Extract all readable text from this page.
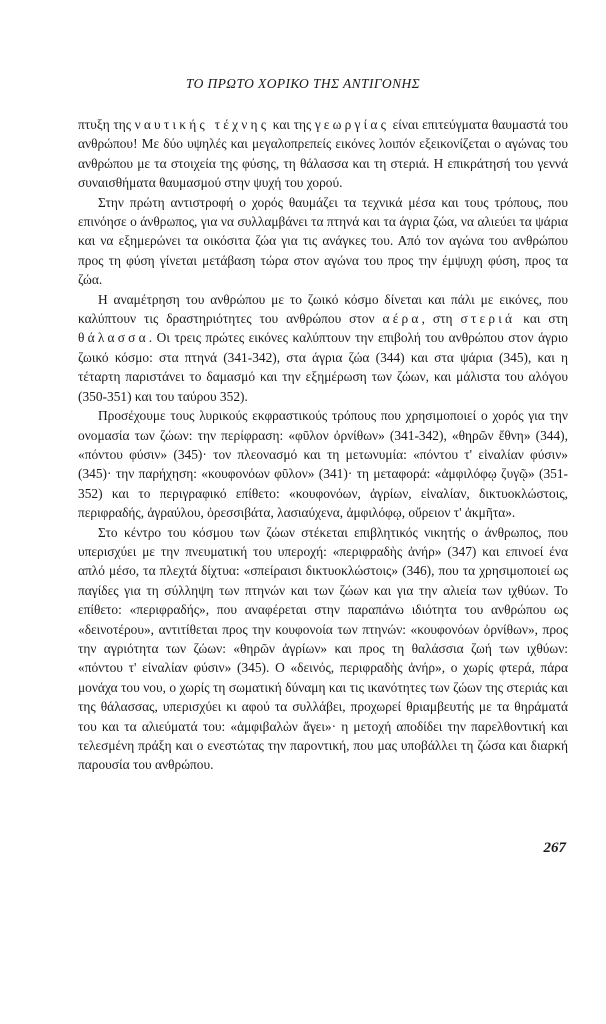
ΤΟ ΠΡΩΤΟ ΧΟΡΙΚΟ ΤΗΣ ΑΝΤΙΓΟΝΗΣ

πτυξη της ναυτικής τέχνης και της γεωργίας είναι επιτεύγματα θαυμαστά του ανθρώπου! Με δύο υψηλές και μεγαλοπρεπείς εικόνες λοιπόν εξεικονίζεται ο αγώνας του ανθρώπου με τα στοιχεία της φύσης, τη θάλασσα και τη στεριά. Η επικράτησή του γεννά συναισθήματα θαυμασμού στην ψυχή του χορού.

Στην πρώτη αντιστροφή ο χορός θαυμάζει τα τεχνικά μέσα και τους τρόπους, που επινόησε ο άνθρωπος, για να συλλαμβάνει τα πτηνά και τα άγρια ζώα, να αλιεύει τα ψάρια και να εξημερώνει τα οικόσιτα ζώα για τις ανάγκες του. Από τον αγώνα του ανθρώπου προς τη φύση γίνεται μετάβαση τώρα στον αγώνα του προς την έμψυχη φύση, προς τα ζώα.

Η αναμέτρηση του ανθρώπου με το ζωικό κόσμο δίνεται και πάλι με εικόνες, που καλύπτουν τις δραστηριότητες του ανθρώπου στον αέρα, στη στεριά και στη θάλασσα. Οι τρεις πρώτες εικόνες καλύπτουν την επιβολή του ανθρώπου στον άγριο ζωικό κόσμο: στα πτηνά (341-342), στα άγρια ζώα (344) και στα ψάρια (345), και η τέταρτη παριστάνει το δαμασμό και την εξημέρωση των ζώων, και μάλιστα του αλόγου (350-351) και του ταύρου 352).

Προσέχουμε τους λυρικούς εκφραστικούς τρόπους που χρησιμοποιεί ο χορός για την ονομασία των ζώων: την περίφραση: «φῦλον ὀρνίθων» (341-342), «θηρῶν ἔθνη» (344), «πόντου φύσιν» (345)· τον πλεονασμό και τη μετωνυμία: «πόντου τ' εἰναλίαν φύσιν» (345)· την παρήχηση: «κουφονόων φῦλον» (341)· τη μεταφορά: «ἀμφιλόφῳ ζυγῷ» (351-352) και το περιγραφικό επίθετο: «κουφονόων, ἀγρίων, εἰναλίαν, δικτυοκλώστοις, περιφραδής, ἀγραύλου, ὀρεσσιβάτα, λασιαύχενα, ἀμφιλόφῳ, οὔρειον τ' ἀκμῆτα».

Στο κέντρο του κόσμου των ζώων στέκεται επιβλητικός νικητής ο άνθρωπος, που υπερισχύει με την πνευματική του υπεροχή: «περιφραδὴς ἀνήρ» (347) και επινοεί ένα απλό μέσο, τα πλεχτά δίχτυα: «σπείραισι δικτυοκλώστοις» (346), που τα χρησιμοποιεί ως παγίδες για τη σύλληψη των πτηνών και των ζώων και για την αλιεία των ιχθύων. Το επίθετο: «περιφραδής», που αναφέρεται στην παραπάνω ιδιότητα του ανθρώπου ως «δεινοτέρου», αντιτίθεται προς την κουφονοία των πτηνών: «κουφονόων ὀρνίθων», προς την αγριότητα των ζώων: «θηρῶν ἀγρίων» και προς τη θαλάσσια ζωή των ιχθύων: «πόντου τ' εἰναλίαν φύσιν» (345). Ο «δεινός, περιφραδὴς ἀνήρ», ο χωρίς φτερά, πάρα μονάχα του νου, ο χωρίς τη σωματική δύναμη και τις ικανότητες των ζώων της στεριάς και της θάλασσας, υπερισχύει κι αφού τα συλλάβει, προχωρεί θριαμβευτής με τα θηράματά του και τα αλιεύματά του: «ἀμφιβαλὼν ἄγει»· η μετοχή αποδίδει την παρελθοντική και τελεσμένη πράξη και ο ενεστώτας την παροντική, που μας υποβάλλει τη ζώσα και διαρκή παρουσία του ανθρώπου.

267
